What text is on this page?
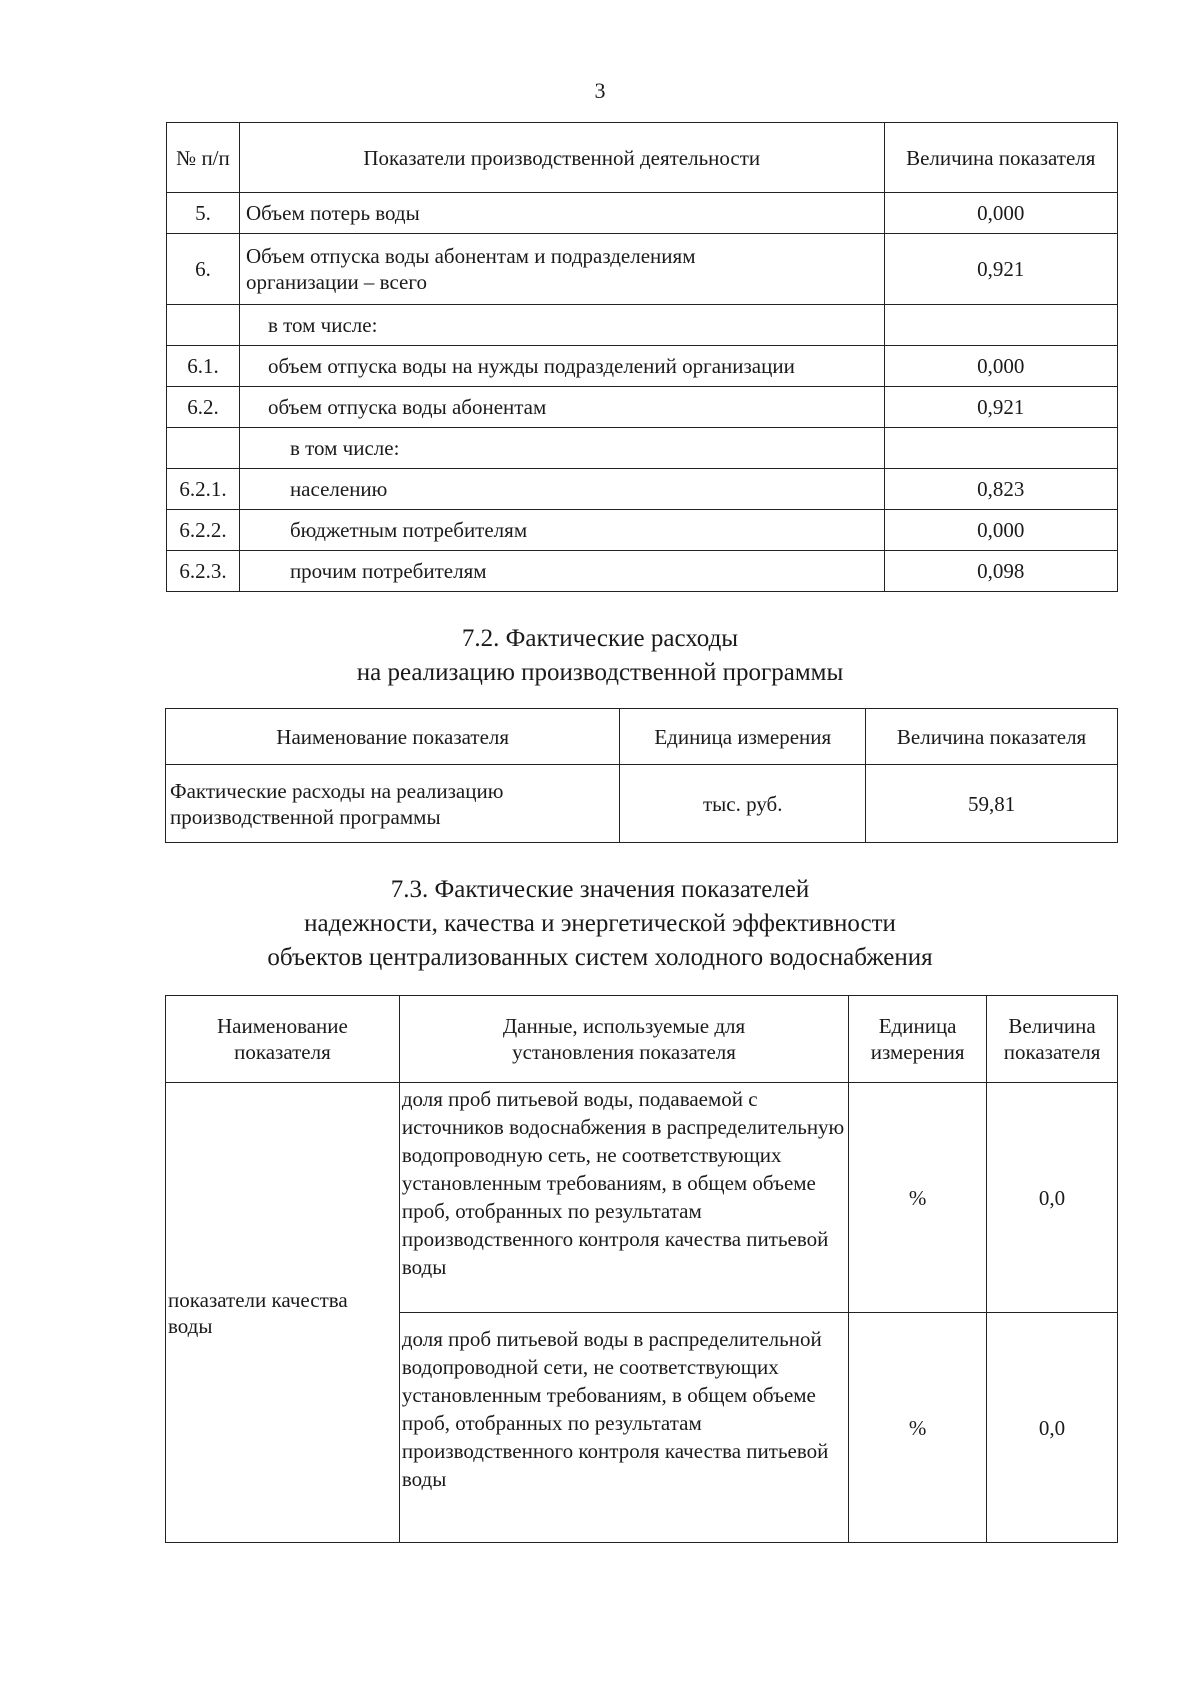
3
№ п/п	Показатели производственной деятельности	Величина показателя
5.	Объем потерь воды	0,000
6.	Объем отпуска воды абонентам и подразделениям организации – всего	0,921
	в том числе:	
6.1.	объем отпуска воды на нужды подразделений организации	0,000
6.2.	объем отпуска воды абонентам	0,921
	в том числе:	
6.2.1.	населению	0,823
6.2.2.	бюджетным потребителям	0,000
6.2.3.	прочим потребителям	0,098
7.2. Фактические расходы
на реализацию производственной программы
Наименование показателя	Единица измерения	Величина показателя
Фактические расходы на реализацию производственной программы	тыс. руб.	59,81
7.3. Фактические значения показателей
надежности, качества и энергетической эффективности
объектов централизованных систем холодного водоснабжения
Наименование показателя	Данные, используемые для установления показателя	Единица измерения	Величина показателя
показатели качества воды	доля проб питьевой воды, подаваемой с источников водоснабжения в распределительную водопроводную сеть, не соответствующих установленным требованиям, в общем объеме проб, отобранных по результатам производственного контроля качества питьевой воды	%	0,0
	доля проб питьевой воды в распределительной водопроводной сети, не соответствующих установленным требованиям, в общем объеме проб, отобранных по результатам производственного контроля качества питьевой воды	%	0,0
